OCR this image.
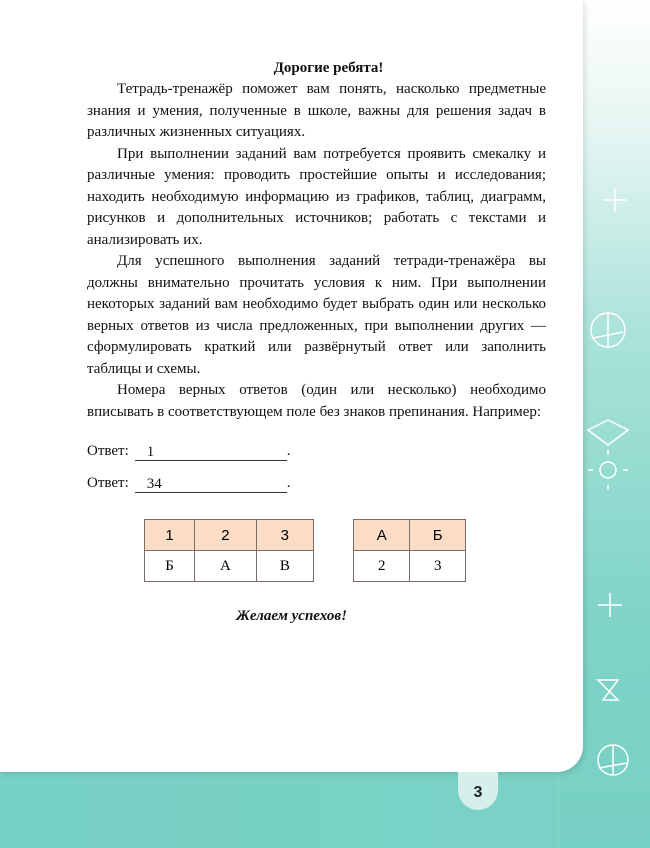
Дорогие ребята!

Тетрадь-тренажёр поможет вам понять, насколько предметные знания и умения, полученные в школе, важны для решения задач в различных жизненных ситуациях.

При выполнении заданий вам потребуется проявить смекалку и различные умения: проводить простейшие опыты и исследования; находить необходимую информацию из графиков, таблиц, диаграмм, рисунков и дополнительных источников; работать с текстами и анализировать их.

Для успешного выполнения заданий тетради-тренажёра вы должны внимательно прочитать условия к ним. При выполнении некоторых заданий вам необходимо будет выбрать один или несколько верных ответов из числа предложенных, при выполнении других — сформулировать краткий или развёрнутый ответ или заполнить таблицы и схемы.

Номера верных ответов (один или несколько) необходимо вписывать в соответствующем поле без знаков препинания. Например:

Ответ:	1	.
Ответ:	34	.
1	2	3
Б	А	В
А	Б
2	3
Желаем успехов!
3
